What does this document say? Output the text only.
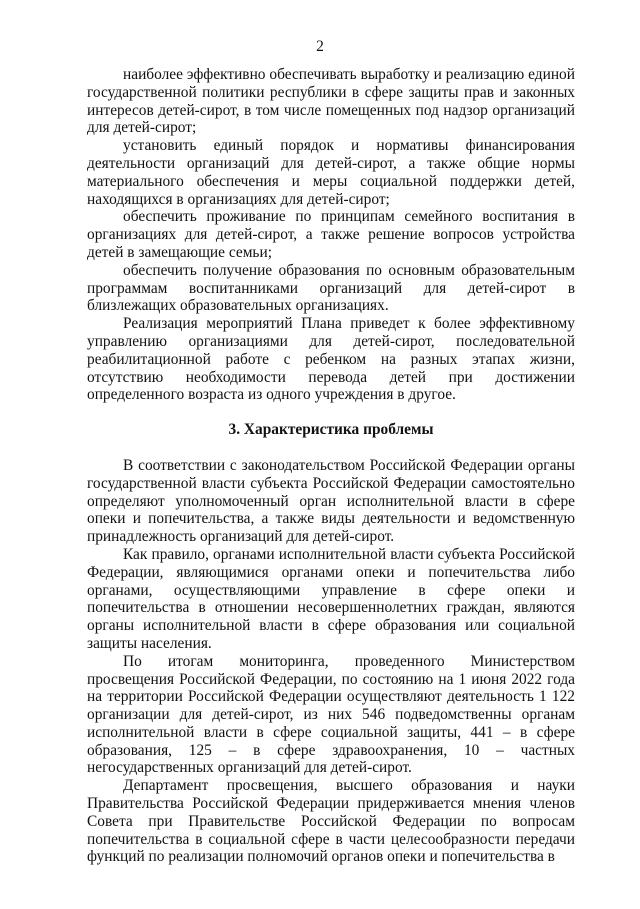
2

наиболее эффективно обеспечивать выработку и реализацию единой государственной политики республики в сфере защиты прав и законных интересов детей-сирот, в том числе помещенных под надзор организаций для детей-сирот;

установить единый порядок и нормативы финансирования деятельности организаций для детей-сирот, а также общие нормы материального обеспечения и меры социальной поддержки детей, находящихся в организациях для детей-сирот;

обеспечить проживание по принципам семейного воспитания в организациях для детей-сирот, а также решение вопросов устройства детей в замещающие семьи;

обеспечить получение образования по основным образовательным программам воспитанниками организаций для детей-сирот в близлежащих образовательных организациях.

Реализация мероприятий Плана приведет к более эффективному управлению организациями для детей-сирот, последовательной реабилитационной работе с ребенком на разных этапах жизни, отсутствию необходимости перевода детей при достижении определенного возраста из одного учреждения в другое.

3. Характеристика проблемы

В соответствии с законодательством Российской Федерации органы государственной власти субъекта Российской Федерации самостоятельно определяют уполномоченный орган исполнительной власти в сфере опеки и попечительства, а также виды деятельности и ведомственную принадлежность организаций для детей-сирот.

Как правило, органами исполнительной власти субъекта Российской Федерации, являющимися органами опеки и попечительства либо органами, осуществляющими управление в сфере опеки и попечительства в отношении несовершеннолетних граждан, являются органы исполнительной власти в сфере образования или социальной защиты населения.

По итогам мониторинга, проведенного Министерством просвещения Российской Федерации, по состоянию на 1 июня 2022 года на территории Российской Федерации осуществляют деятельность 1 122 организации для детей-сирот, из них 546 подведомственны органам исполнительной власти в сфере социальной защиты, 441 – в сфере образования, 125 – в сфере здравоохранения, 10 – частных негосударственных организаций для детей-сирот.

Департамент просвещения, высшего образования и науки Правительства Российской Федерации придерживается мнения членов Совета при Правительстве Российской Федерации по вопросам попечительства в социальной сфере в части целесообразности передачи функций по реализации полномочий органов опеки и попечительства в
